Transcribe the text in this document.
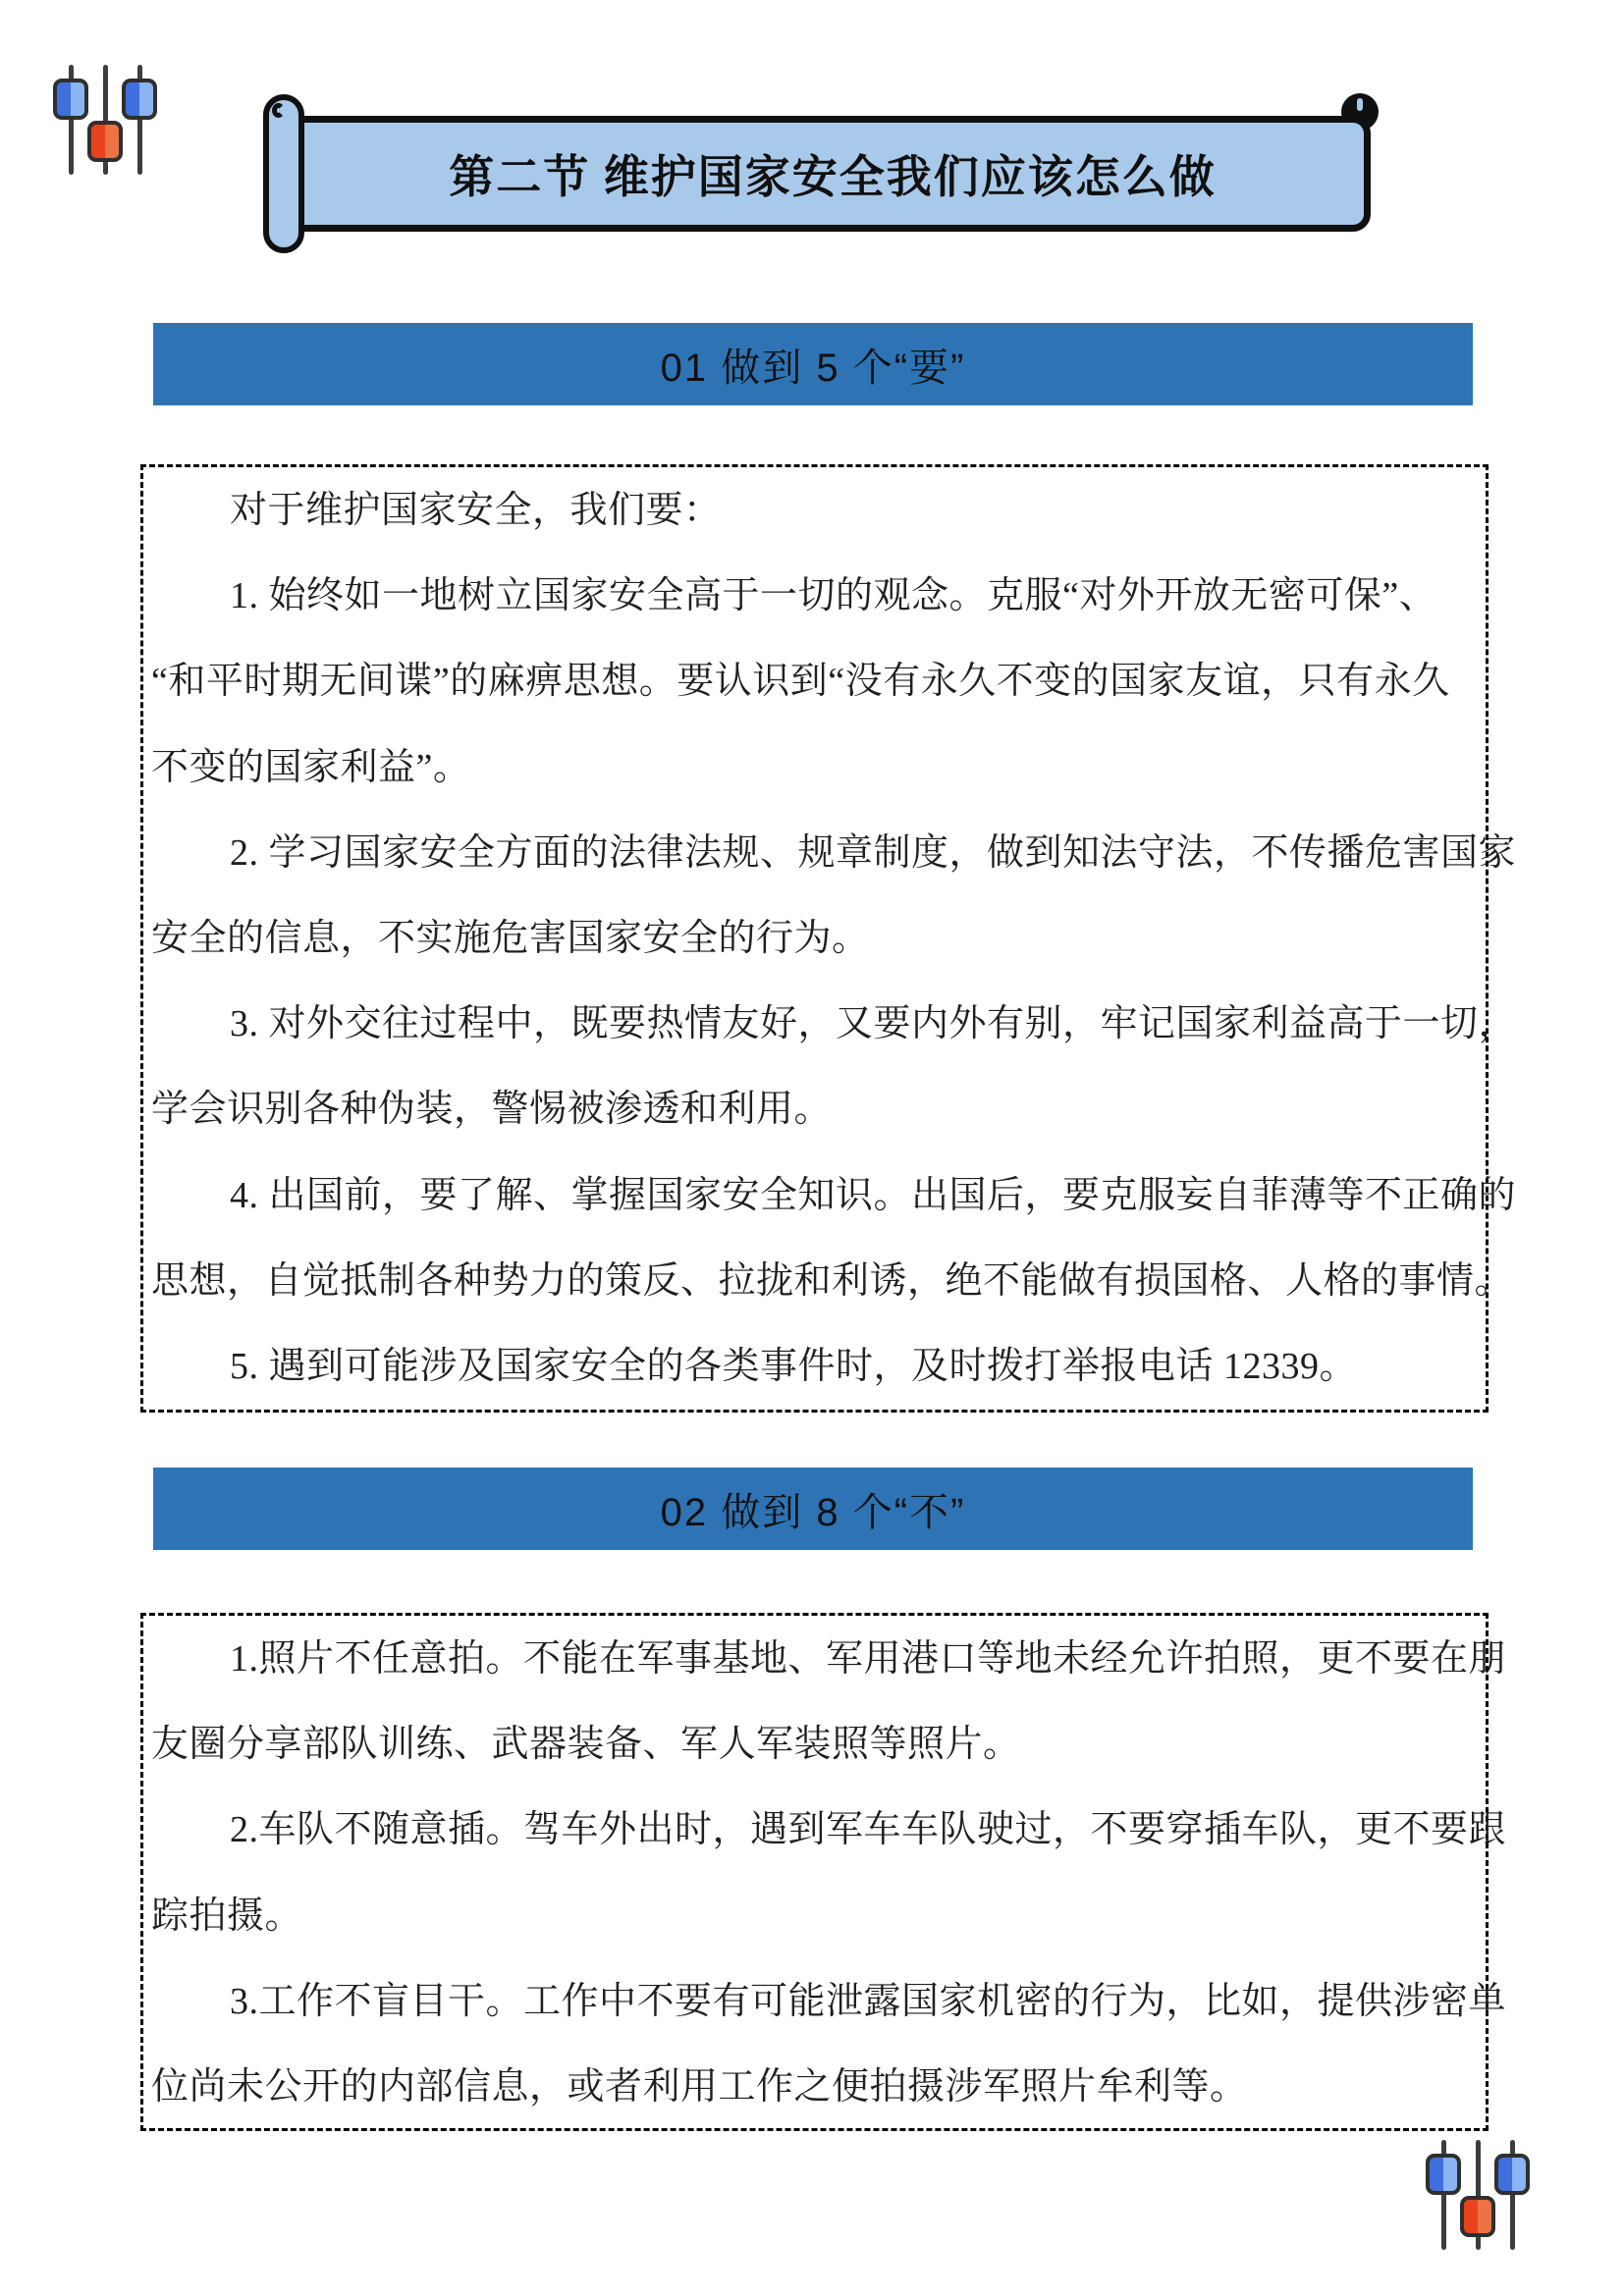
第二节 维护国家安全我们应该怎么做
01 做到 5 个“要”

对于维护国家安全，我们要：

1. 始终如一地树立国家安全高于一切的观念。克服“对外开放无密可保”、

“和平时期无间谍”的麻痹思想。要认识到“没有永久不变的国家友谊，只有永久

不变的国家利益”。

2. 学习国家安全方面的法律法规、规章制度，做到知法守法，不传播危害国家

安全的信息，不实施危害国家安全的行为。

3. 对外交往过程中，既要热情友好，又要内外有别，牢记国家利益高于一切，

学会识别各种伪装，警惕被渗透和利用。

4. 出国前，要了解、掌握国家安全知识。出国后，要克服妄自菲薄等不正确的

思想，自觉抵制各种势力的策反、拉拢和利诱，绝不能做有损国格、人格的事情。

5. 遇到可能涉及国家安全的各类事件时，及时拨打举报电话 12339。

02 做到 8 个“不”

1.照片不任意拍。不能在军事基地、军用港口等地未经允许拍照，更不要在朋

友圈分享部队训练、武器装备、军人军装照等照片。

2.车队不随意插。驾车外出时，遇到军车车队驶过，不要穿插车队，更不要跟

踪拍摄。

3.工作不盲目干。工作中不要有可能泄露国家机密的行为，比如，提供涉密单

位尚未公开的内部信息，或者利用工作之便拍摄涉军照片牟利等。
